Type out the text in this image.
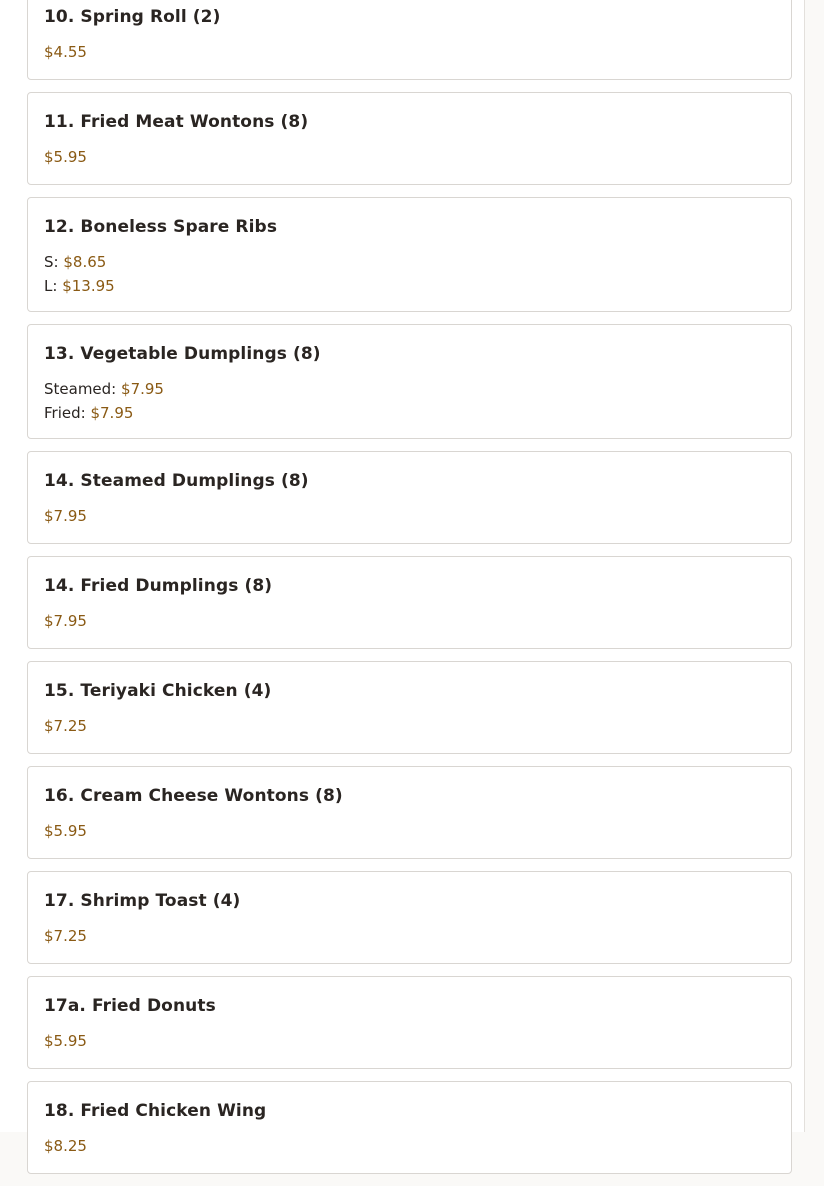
10. Spring Roll (2)
$4.55
11. Fried Meat Wontons (8)
$5.95
12. Boneless Spare Ribs
S: $8.65
L: $13.95
13. Vegetable Dumplings (8)
Steamed: $7.95
Fried: $7.95
14. Steamed Dumplings (8)
$7.95
14. Fried Dumplings (8)
$7.95
15. Teriyaki Chicken (4)
$7.25
16. Cream Cheese Wontons (8)
$5.95
17. Shrimp Toast (4)
$7.25
17a. Fried Donuts
$5.95
18. Fried Chicken Wing
$8.25
